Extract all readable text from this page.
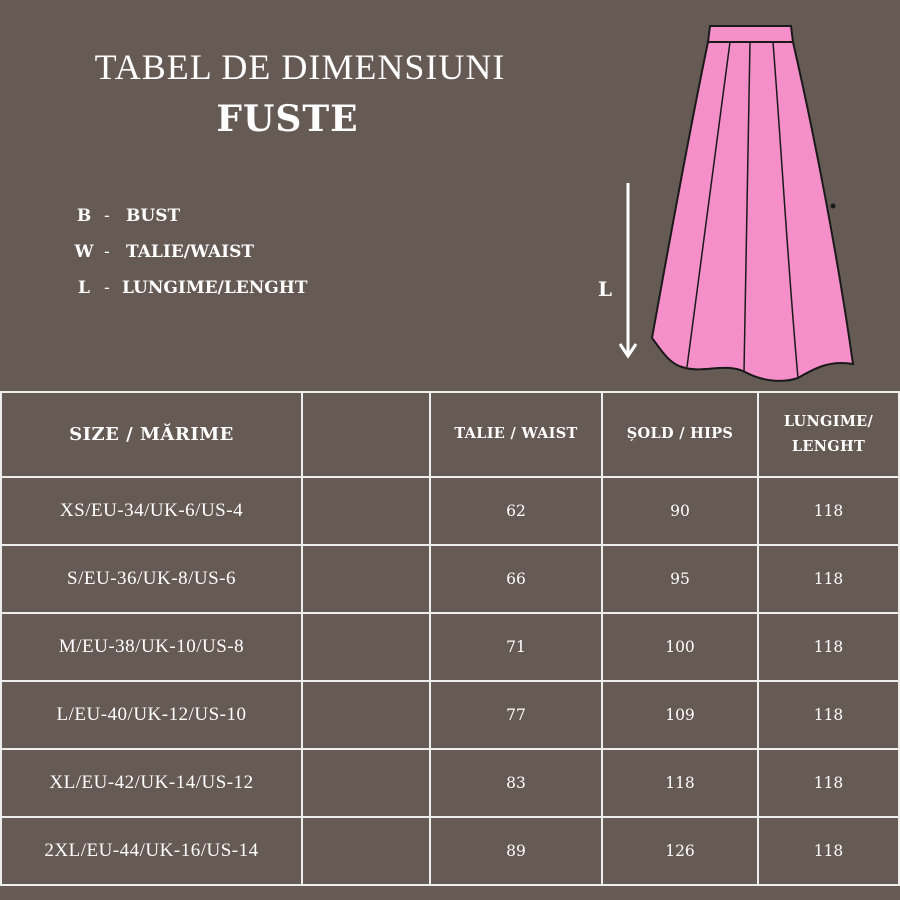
TABEL DE DIMENSIUNI
FUSTE
B - BUST
W - TALIE/WAIST
L - LUNGIME/LENGHT	L
SIZE / MĂRIME		TALIE / WAIST	ȘOLD / HIPS	LUNGIME/ LENGHT
XS/EU-34/UK-6/US-4		62	90	118
S/EU-36/UK-8/US-6		66	95	118
M/EU-38/UK-10/US-8		71	100	118
L/EU-40/UK-12/US-10		77	109	118
XL/EU-42/UK-14/US-12		83	118	118
2XL/EU-44/UK-16/US-14		89	126	118
